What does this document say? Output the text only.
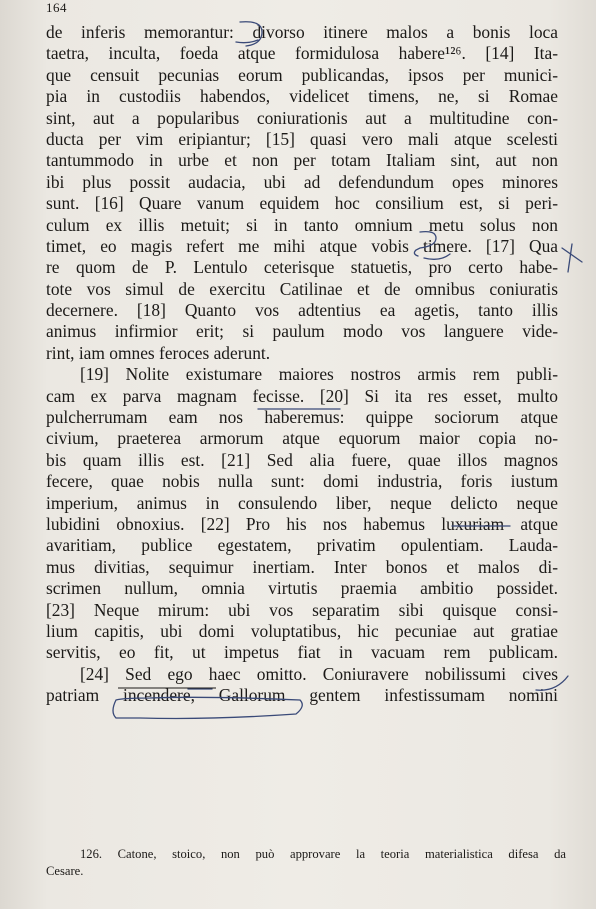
164
de inferis memorantur: divorso itinere malos a bonis loca
taetra, inculta, foeda atque formidulosa habere¹²⁶. [14] Ita-
que censuit pecunias eorum publicandas, ipsos per munici-
pia in custodiis habendos, videlicet timens, ne, si Romae
sint, aut a popularibus coniurationis aut a multitudine con-
ducta per vim eripiantur; [15] quasi vero mali atque scelesti
tantummodo in urbe et non per totam Italiam sint, aut non
ibi plus possit audacia, ubi ad defendundum opes minores
sunt. [16] Quare vanum equidem hoc consilium est, si peri-
culum ex illis metuit; si in tanto omnium metu solus non
timet, eo magis refert me mihi atque vobis timere. [17] Qua
re quom de P. Lentulo ceterisque statuetis, pro certo habe-
tote vos simul de exercitu Catilinae et de omnibus coniuratis
decernere. [18] Quanto vos adtentius ea agetis, tanto illis
animus infirmior erit; si paulum modo vos languere vide-
rint, iam omnes feroces aderunt.
[19] Nolite existumare maiores nostros armis rem publi-
cam ex parva magnam fecisse. [20] Si ita res esset, multo
pulcherrumam eam nos haberemus: quippe sociorum atque
civium, praeterea armorum atque equorum maior copia no-
bis quam illis est. [21] Sed alia fuere, quae illos magnos
fecere, quae nobis nulla sunt: domi industria, foris iustum
imperium, animus in consulendo liber, neque delicto neque
lubidini obnoxius. [22] Pro his nos habemus luxuriam atque
avaritiam, publice egestatem, privatim opulentiam. Lauda-
mus divitias, sequimur inertiam. Inter bonos et malos di-
scrimen nullum, omnia virtutis praemia ambitio possidet.
[23] Neque mirum: ubi vos separatim sibi quisque consi-
lium capitis, ubi domi voluptatibus, hic pecuniae aut gratiae
servitis, eo fit, ut impetus fiat in vacuam rem publicam.
[24] Sed ego haec omitto. Coniuravere nobilissumi cives
patriam incendere, Gallorum gentem infestissumam nomini
126. Catone, stoico, non può approvare la teoria materialistica difesa da
Cesare.
